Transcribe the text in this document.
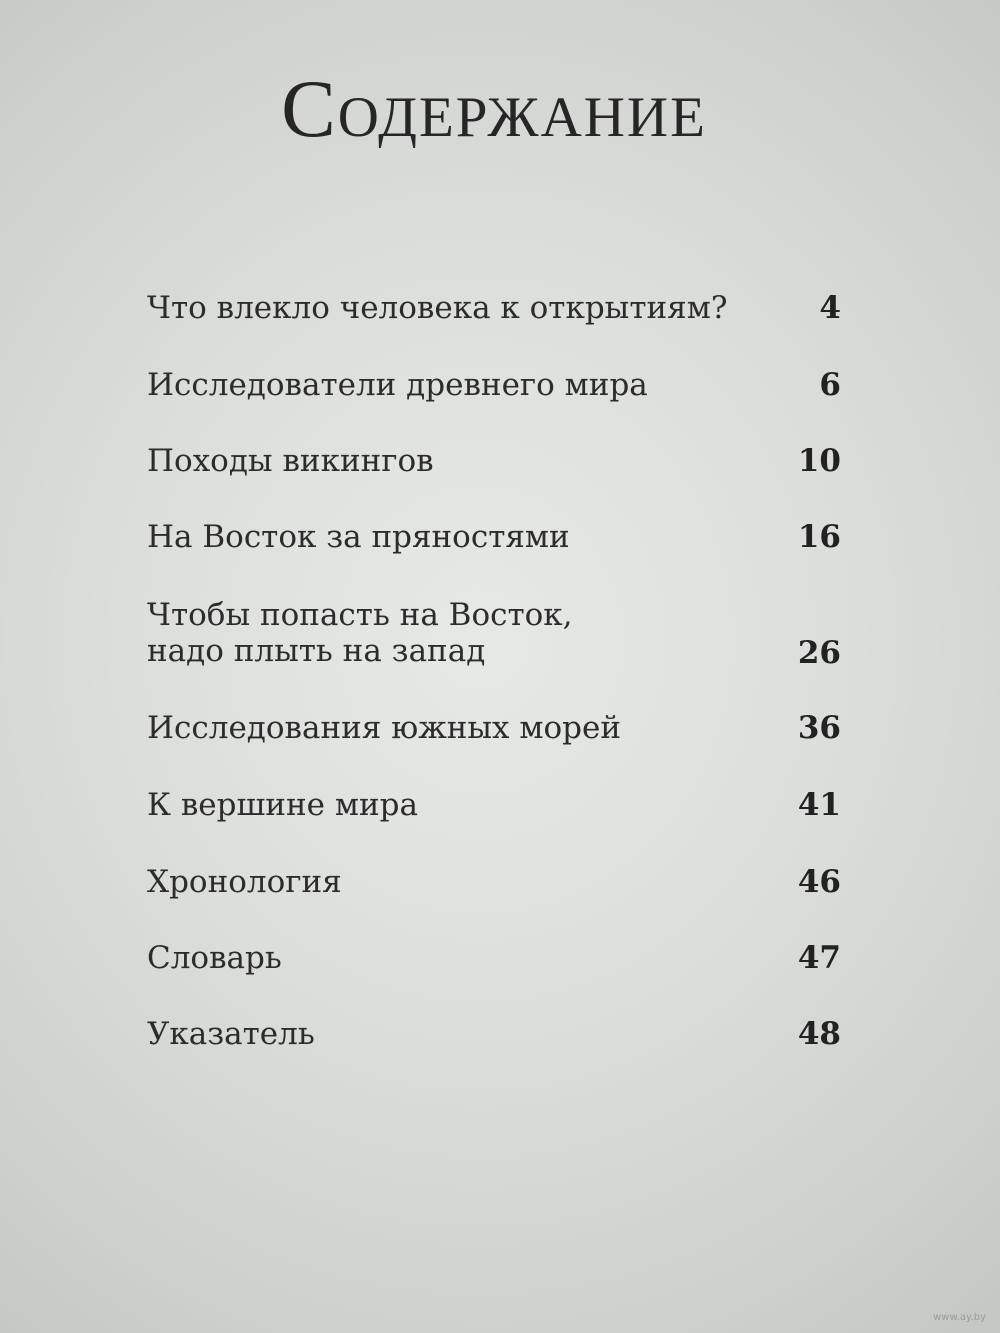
Содержание
Что влекло человека к открытиям?	4
Исследователи древнего мира	6
Походы викингов	10
На Восток за пряностями	16
Чтобы попасть на Восток,
надо плыть на запад	26
Исследования южных морей	36
К вершине мира	41
Хронология	46
Словарь	47
Указатель	48
www.ay.by
